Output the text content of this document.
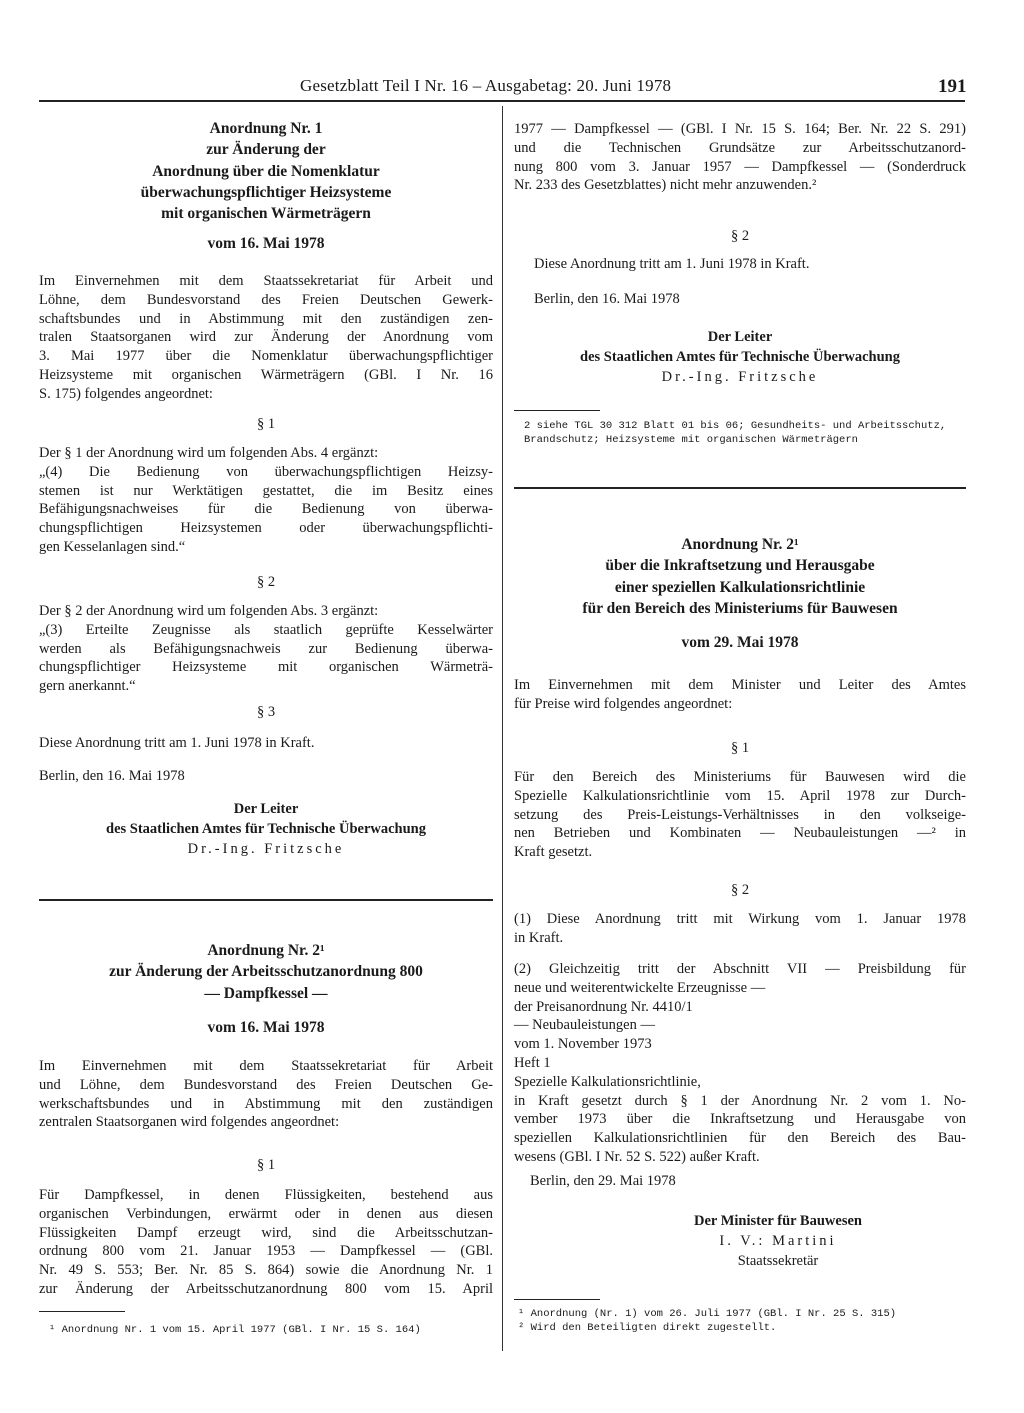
Gesetzblatt Teil I Nr. 16 – Ausgabetag: 20. Juni 1978	191
Anordnung Nr. 1
zur Änderung der
Anordnung über die Nomenklatur
überwachungspflichtiger Heizsysteme
mit organischen Wärmeträgern
vom 16. Mai 1978
Im Einvernehmen mit dem Staatssekretariat für Arbeit und
Löhne, dem Bundesvorstand des Freien Deutschen Gewerk-
schaftsbundes und in Abstimmung mit den zuständigen zen-
tralen Staatsorganen wird zur Änderung der Anordnung vom
3. Mai 1977 über die Nomenklatur überwachungspflichtiger
Heizsysteme mit organischen Wärmeträgern (GBl. I Nr. 16
S. 175) folgendes angeordnet:
§ 1
Der § 1 der Anordnung wird um folgenden Abs. 4 ergänzt:
„(4) Die Bedienung von überwachungspflichtigen Heizsy-
stemen ist nur Werktätigen gestattet, die im Besitz eines
Befähigungsnachweises für die Bedienung von überwa-
chungspflichtigen Heizsystemen oder überwachungspflichti-
gen Kesselanlagen sind.“
§ 2
Der § 2 der Anordnung wird um folgenden Abs. 3 ergänzt:
„(3) Erteilte Zeugnisse als staatlich geprüfte Kesselwärter
werden als Befähigungsnachweis zur Bedienung überwa-
chungspflichtiger Heizsysteme mit organischen Wärmeträ-
gern anerkannt.“
§ 3
Diese Anordnung tritt am 1. Juni 1978 in Kraft.
Berlin, den 16. Mai 1978
Der Leiter
des Staatlichen Amtes für Technische Überwachung
Dr.-Ing. Fritzsche
Anordnung Nr. 2¹
zur Änderung der Arbeitsschutzanordnung 800
— Dampfkessel —
vom 16. Mai 1978
Im Einvernehmen mit dem Staatssekretariat für Arbeit
und Löhne, dem Bundesvorstand des Freien Deutschen Ge-
werkschaftsbundes und in Abstimmung mit den zuständigen
zentralen Staatsorganen wird folgendes angeordnet:
§ 1
Für Dampfkessel, in denen Flüssigkeiten, bestehend aus
organischen Verbindungen, erwärmt oder in denen aus diesen
Flüssigkeiten Dampf erzeugt wird, sind die Arbeitsschutzan-
ordnung 800 vom 21. Januar 1953 — Dampfkessel — (GBl.
Nr. 49 S. 553; Ber. Nr. 85 S. 864) sowie die Anordnung Nr. 1
zur Änderung der Arbeitsschutzanordnung 800 vom 15. April
¹ Anordnung Nr. 1 vom 15. April 1977 (GBl. I Nr. 15 S. 164)
1977 — Dampfkessel — (GBl. I Nr. 15 S. 164; Ber. Nr. 22 S. 291)
und die Technischen Grundsätze zur Arbeitsschutzanord-
nung 800 vom 3. Januar 1957 — Dampfkessel — (Sonderdruck
Nr. 233 des Gesetzblattes) nicht mehr anzuwenden.²
§ 2
Diese Anordnung tritt am 1. Juni 1978 in Kraft.
Berlin, den 16. Mai 1978
Der Leiter
des Staatlichen Amtes für Technische Überwachung
Dr.-Ing. Fritzsche
2 siehe TGL 30 312 Blatt 01 bis 06; Gesundheits- und Arbeitsschutz,
Brandschutz; Heizsysteme mit organischen Wärmeträgern
Anordnung Nr. 2¹
über die Inkraftsetzung und Herausgabe
einer speziellen Kalkulationsrichtlinie
für den Bereich des Ministeriums für Bauwesen
vom 29. Mai 1978
Im Einvernehmen mit dem Minister und Leiter des Amtes
für Preise wird folgendes angeordnet:
§ 1
Für den Bereich des Ministeriums für Bauwesen wird die
Spezielle Kalkulationsrichtlinie vom 15. April 1978 zur Durch-
setzung des Preis-Leistungs-Verhältnisses in den volkseige-
nen Betrieben und Kombinaten — Neubauleistungen —² in
Kraft gesetzt.
§ 2
(1) Diese Anordnung tritt mit Wirkung vom 1. Januar 1978
in Kraft.
(2) Gleichzeitig tritt der Abschnitt VII — Preisbildung für
neue und weiterentwickelte Erzeugnisse —
der Preisanordnung Nr. 4410/1
— Neubauleistungen —
vom 1. November 1973
Heft 1
Spezielle Kalkulationsrichtlinie,
in Kraft gesetzt durch § 1 der Anordnung Nr. 2 vom 1. No-
vember 1973 über die Inkraftsetzung und Herausgabe von
speziellen Kalkulationsrichtlinien für den Bereich des Bau-
wesens (GBl. I Nr. 52 S. 522) außer Kraft.
Berlin, den 29. Mai 1978
Der Minister für Bauwesen
I. V.: Martini
Staatssekretär
¹ Anordnung (Nr. 1) vom 26. Juli 1977 (GBl. I Nr. 25 S. 315)
² Wird den Beteiligten direkt zugestellt.
